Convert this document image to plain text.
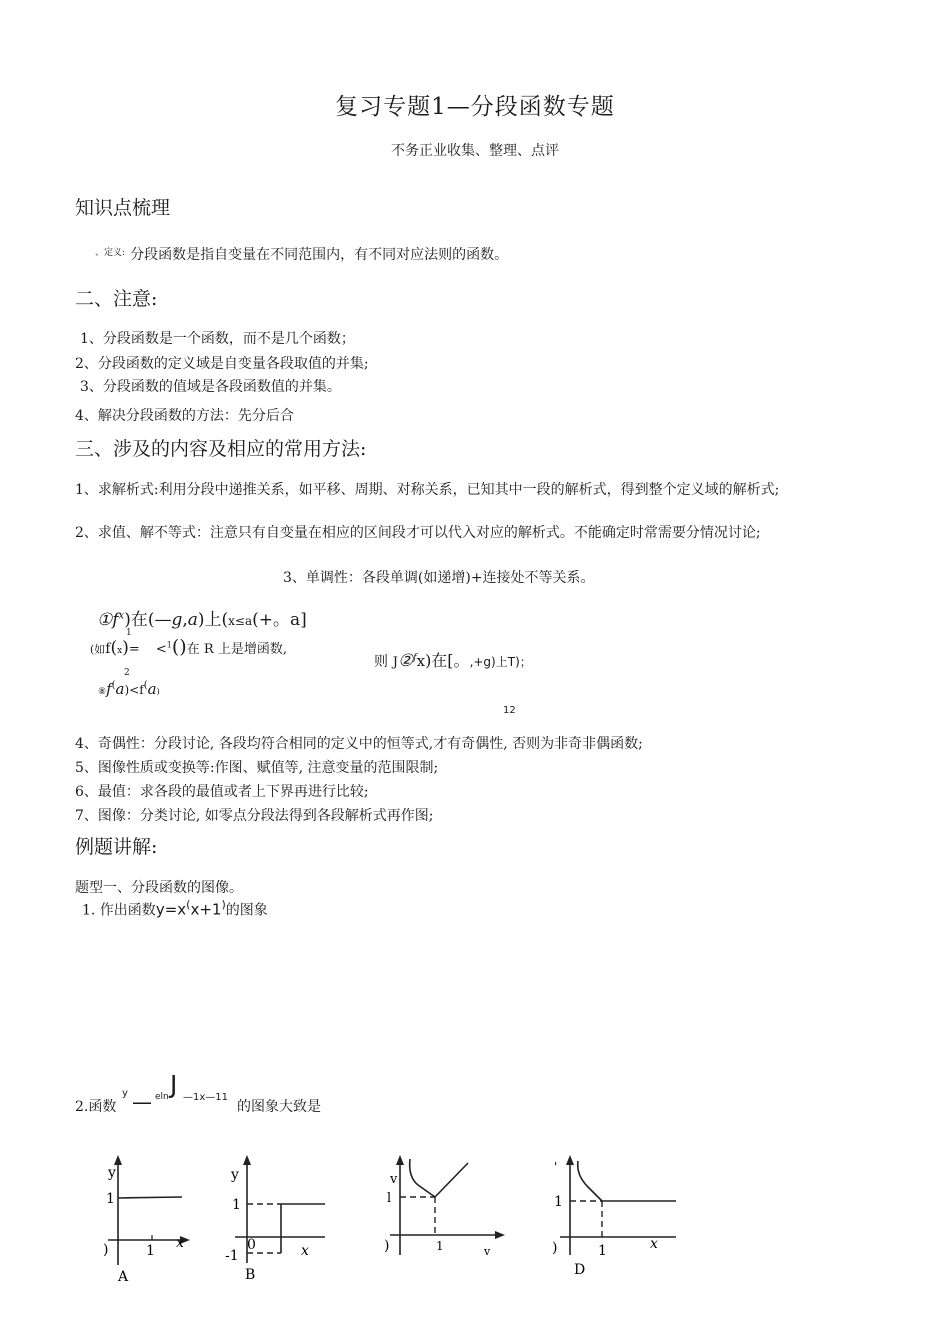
复习专题1—分段函数专题
不务正业收集、整理、点评
知识点梳理
$^{、定义:}$ 分段函数是指自变量在不同范围内，有不同对应法则的函数。
二、注意:
1、分段函数是一个函数，而不是几个函数；
2、分段函数的定义域是自变量各段取值的并集;
3、分段函数的值域是各段函数值的并集。
4、解决分段函数的方法：先分后合
三、涉及的内容及相应的常用方法:
1、求解析式:利用分段中递推关系，如平移、周期、对称关系，已知其中一段的解析式，得到整个定义域的解析式;
2、求值、解不等式：注意只有自变量在相应的区间段才可以代入对应的解析式。不能确定时常需要分情况讨论;
3、单调性：各段单调(如递增)+连接处不等关系。
$①f^x$)在(—g,a)上(x≤a(+。a]
1
(如f(x)= <$^1$()在 R 上是增函数,
则 J②$^f$x)在[。,+g)上T)；
2
⑧f(a)<f(a)
12
4、奇偶性：分段讨论, 各段均符合相同的定义中的恒等式,才有奇偶性, 否则为非奇非偶函数;
5、图像性质或变换等:作图、赋值等, 注意变量的范围限制;
6、最值：求各段的最值或者上下界再进行比较;
7、图像：分类讨论, 如零点分段法得到各段解析式再作图;
例题讲解:
题型一、分段函数的图像。
1. 作出函数y=x(x+1)的图象
2.函数
y — eln J —1x—11
的图象大致是
y
1
)	1 x
A
y
1
0
-1	x
B
v
l
)	1	v
'
1
)	1	x
D
